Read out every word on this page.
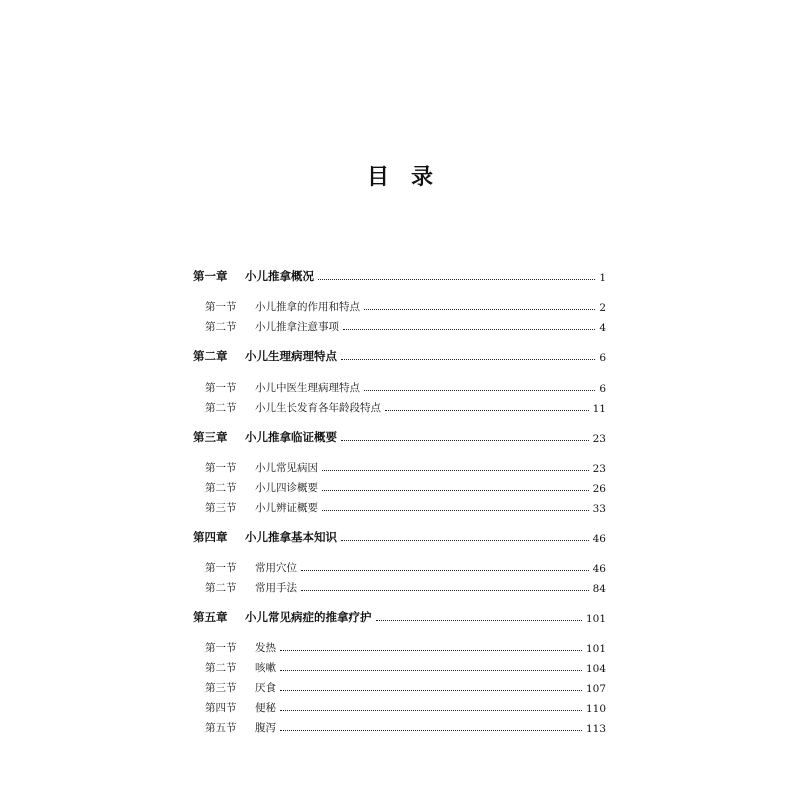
目 录
第一章	小儿推拿概况	1
第一节	小儿推拿的作用和特点	2
第二节	小儿推拿注意事项	4
第二章	小儿生理病理特点	6
第一节	小儿中医生理病理特点	6
第二节	小儿生长发育各年龄段特点	11
第三章	小儿推拿临证概要	23
第一节	小儿常见病因	23
第二节	小儿四诊概要	26
第三节	小儿辨证概要	33
第四章	小儿推拿基本知识	46
第一节	常用穴位	46
第二节	常用手法	84
第五章	小儿常见病症的推拿疗护	101
第一节	发热	101
第二节	咳嗽	104
第三节	厌食	107
第四节	便秘	110
第五节	腹泻	113
